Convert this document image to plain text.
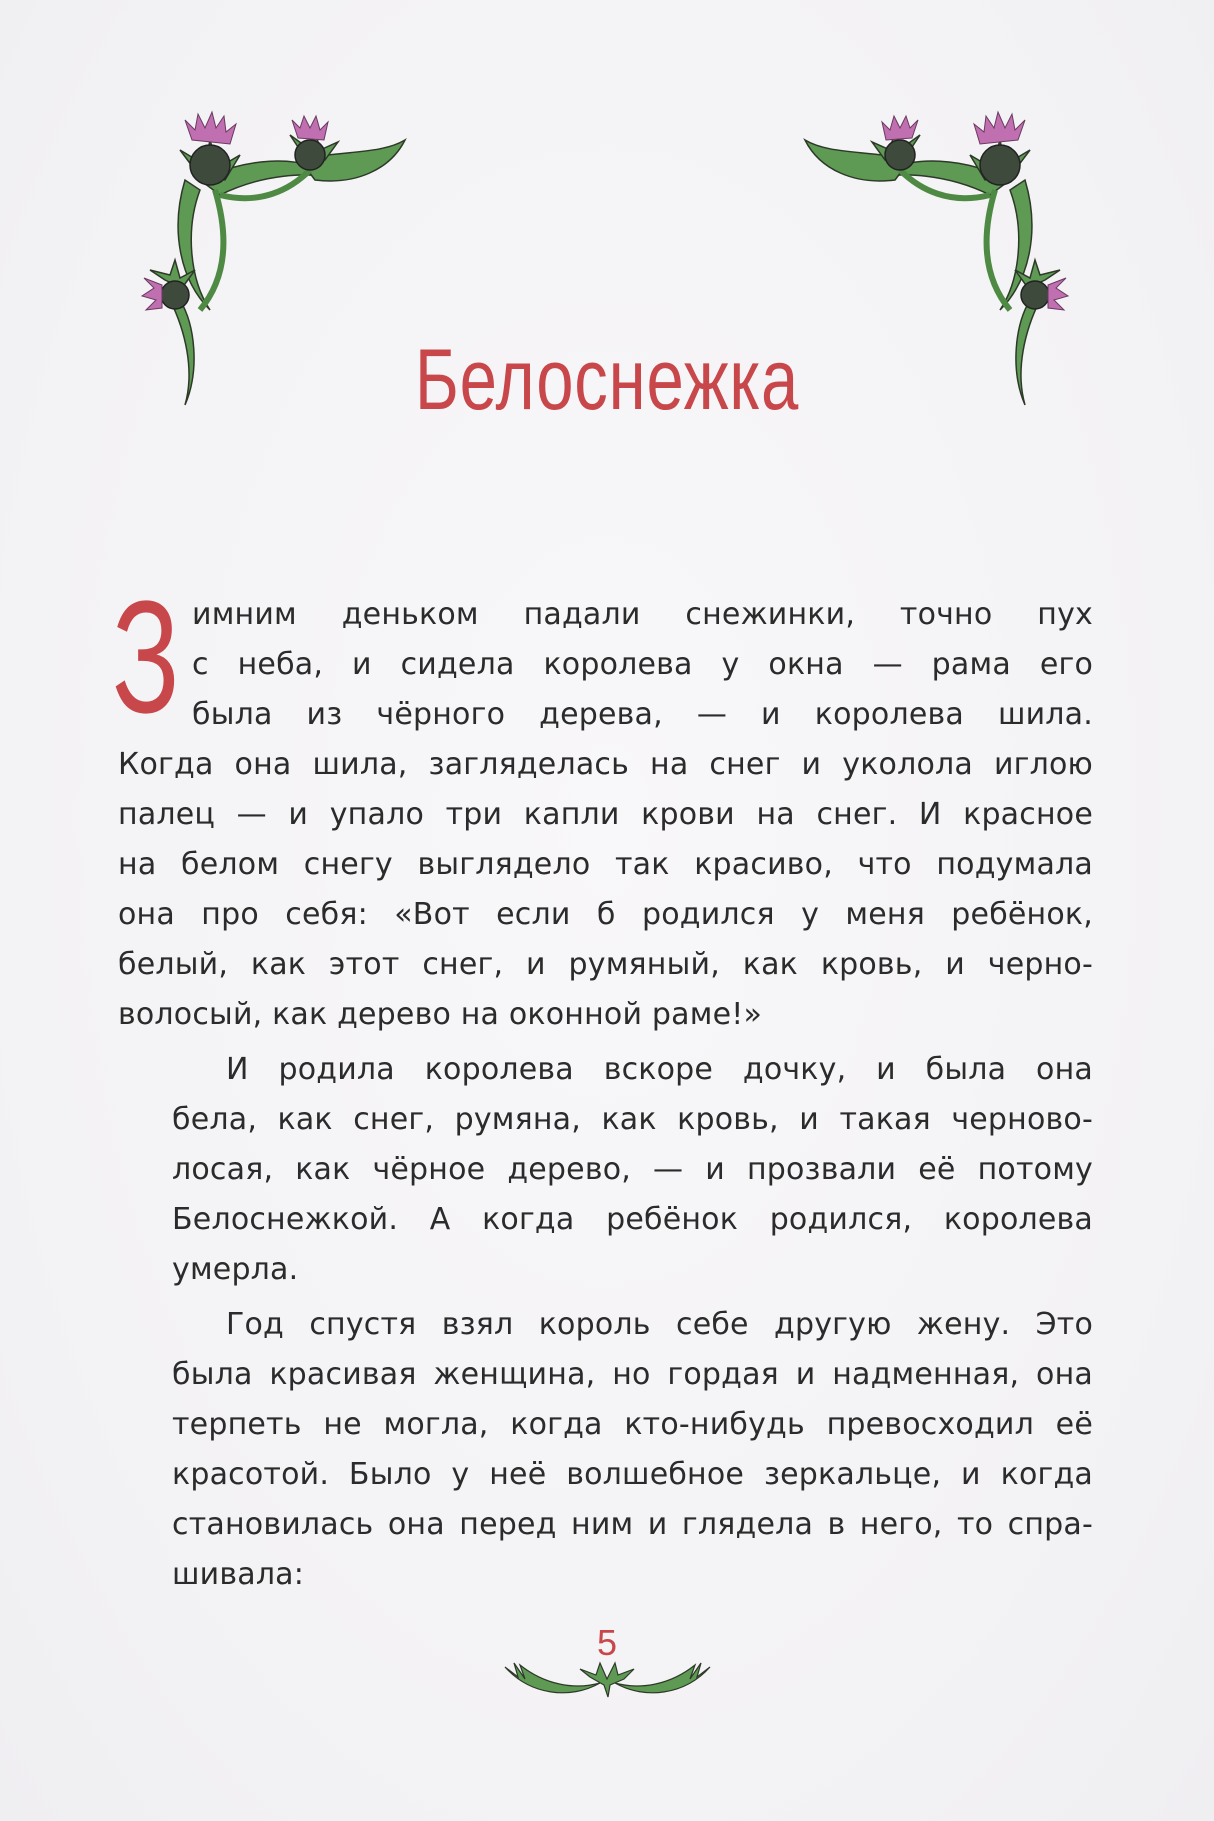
Белоснежка
З имним деньком падали снежинки, точно пух
с неба, и сидела королева у окна — рама его
была из чёрного дерева, — и королева шила.
Когда она шила, загляделась на снег и уколола иглою
палец — и упало три капли крови на снег. И красное
на белом снегу выглядело так красиво, что подумала
она про себя: «Вот если б родился у меня ребёнок,
белый, как этот снег, и румяный, как кровь, и черно-
волосый, как дерево на оконной раме!»
И родила королева вскоре дочку, и была она
бела, как снег, румяна, как кровь, и такая черново-
лосая, как чёрное дерево, — и прозвали её потому
Белоснежкой. А когда ребёнок родился, королева
умерла.
Год спустя взял король себе другую жену. Это
была красивая женщина, но гордая и надменная, она
терпеть не могла, когда кто-нибудь превосходил её
красотой. Было у неё волшебное зеркальце, и когда
становилась она перед ним и глядела в него, то спра-
шивала:
5
